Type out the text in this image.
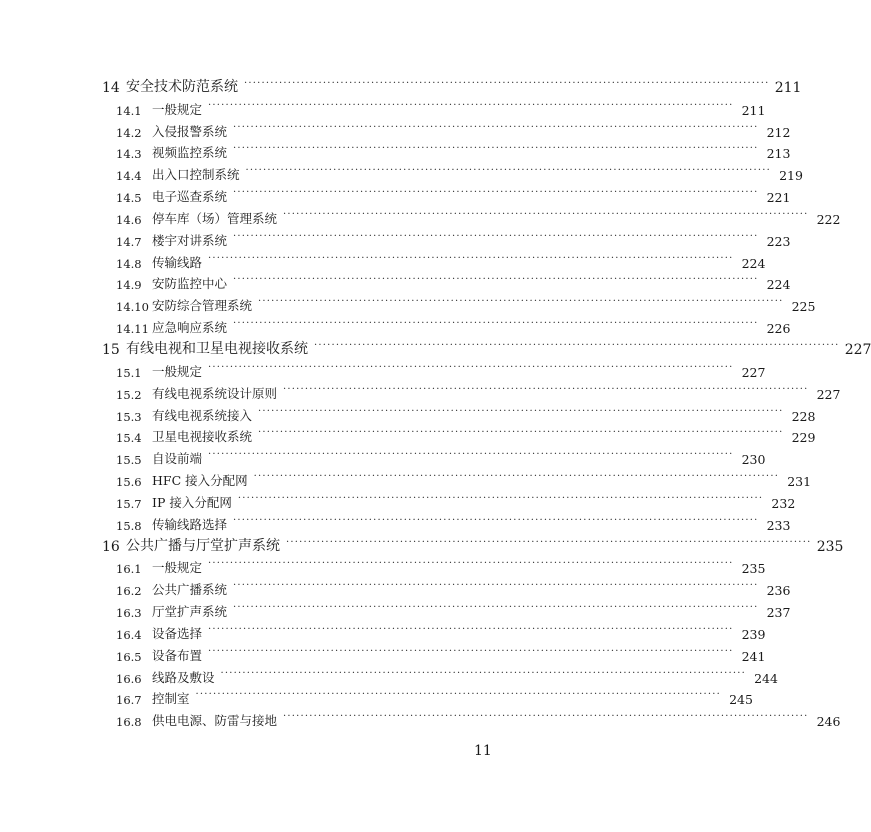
14 安全技术防范系统 ························································································································ 211
14.1 一般规定 ························································································································ 211
14.2 入侵报警系统 ························································································································ 212
14.3 视频监控系统 ························································································································ 213
14.4 出入口控制系统 ························································································································ 219
14.5 电子巡查系统 ························································································································ 221
14.6 停车库（场）管理系统 ························································································································ 222
14.7 楼宇对讲系统 ························································································································ 223
14.8 传输线路 ························································································································ 224
14.9 安防监控中心 ························································································································ 224
14.10 安防综合管理系统 ························································································································ 225
14.11 应急响应系统 ························································································································ 226
15 有线电视和卫星电视接收系统 ························································································································ 227
15.1 一般规定 ························································································································ 227
15.2 有线电视系统设计原则 ························································································································ 227
15.3 有线电视系统接入 ························································································································ 228
15.4 卫星电视接收系统 ························································································································ 229
15.5 自设前端 ························································································································ 230
15.6 HFC 接入分配网 ························································································································ 231
15.7 IP 接入分配网 ························································································································ 232
15.8 传输线路选择 ························································································································ 233
16 公共广播与厅堂扩声系统 ························································································································ 235
16.1 一般规定 ························································································································ 235
16.2 公共广播系统 ························································································································ 236
16.3 厅堂扩声系统 ························································································································ 237
16.4 设备选择 ························································································································ 239
16.5 设备布置 ························································································································ 241
16.6 线路及敷设 ························································································································ 244
16.7 控制室 ························································································································ 245
16.8 供电电源、防雷与接地 ························································································································ 246
11
